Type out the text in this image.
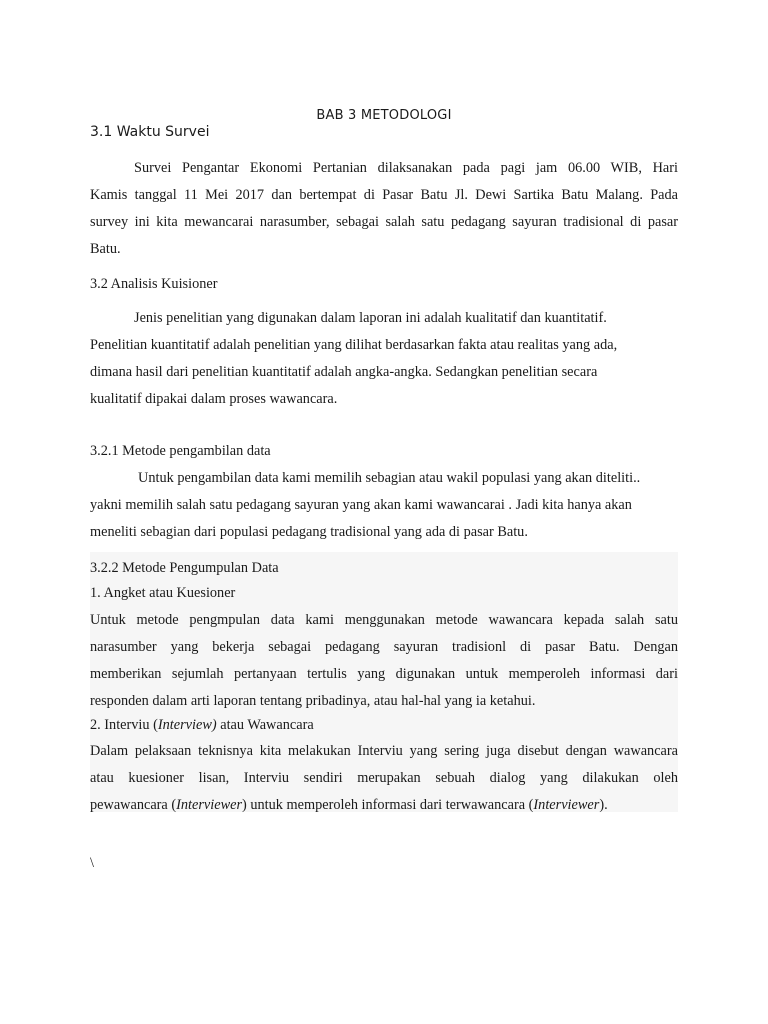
BAB 3 METODOLOGI
3.1 Waktu Survei
Survei Pengantar Ekonomi Pertanian dilaksanakan pada pagi jam 06.00 WIB, Hari
Kamis tanggal 11 Mei 2017 dan bertempat di Pasar Batu Jl. Dewi Sartika Batu Malang. Pada
survey ini kita mewancarai narasumber, sebagai salah satu pedagang sayuran tradisional di pasar
Batu.
3.2 Analisis Kuisioner
Jenis penelitian yang digunakan dalam laporan ini adalah kualitatif dan kuantitatif.
Penelitian kuantitatif adalah penelitian yang dilihat berdasarkan fakta atau realitas yang ada,
dimana hasil dari penelitian kuantitatif adalah angka-angka. Sedangkan penelitian secara
kualitatif dipakai dalam proses wawancara.
3.2.1 Metode pengambilan data
Untuk pengambilan data kami memilih sebagian atau wakil populasi yang akan diteliti..
yakni memilih salah satu pedagang sayuran yang akan kami wawancarai . Jadi kita hanya akan
meneliti sebagian dari populasi pedagang tradisional yang ada di pasar Batu.
3.2.2 Metode Pengumpulan Data
1. Angket atau Kuesioner
Untuk metode pengmpulan data kami menggunakan metode wawancara kepada salah satu
narasumber yang bekerja sebagai pedagang sayuran tradisionl di pasar Batu. Dengan
memberikan sejumlah pertanyaan tertulis yang digunakan untuk memperoleh informasi dari
responden dalam arti laporan tentang pribadinya, atau hal-hal yang ia ketahui.
2. Interviu (Interview) atau Wawancara
Dalam pelaksaan teknisnya kita melakukan Interviu yang sering juga disebut dengan wawancara
atau kuesioner lisan, Interviu sendiri merupakan sebuah dialog yang dilakukan oleh
pewawancara (Interviewer) untuk memperoleh informasi dari terwawancara (Interviewer).
\
